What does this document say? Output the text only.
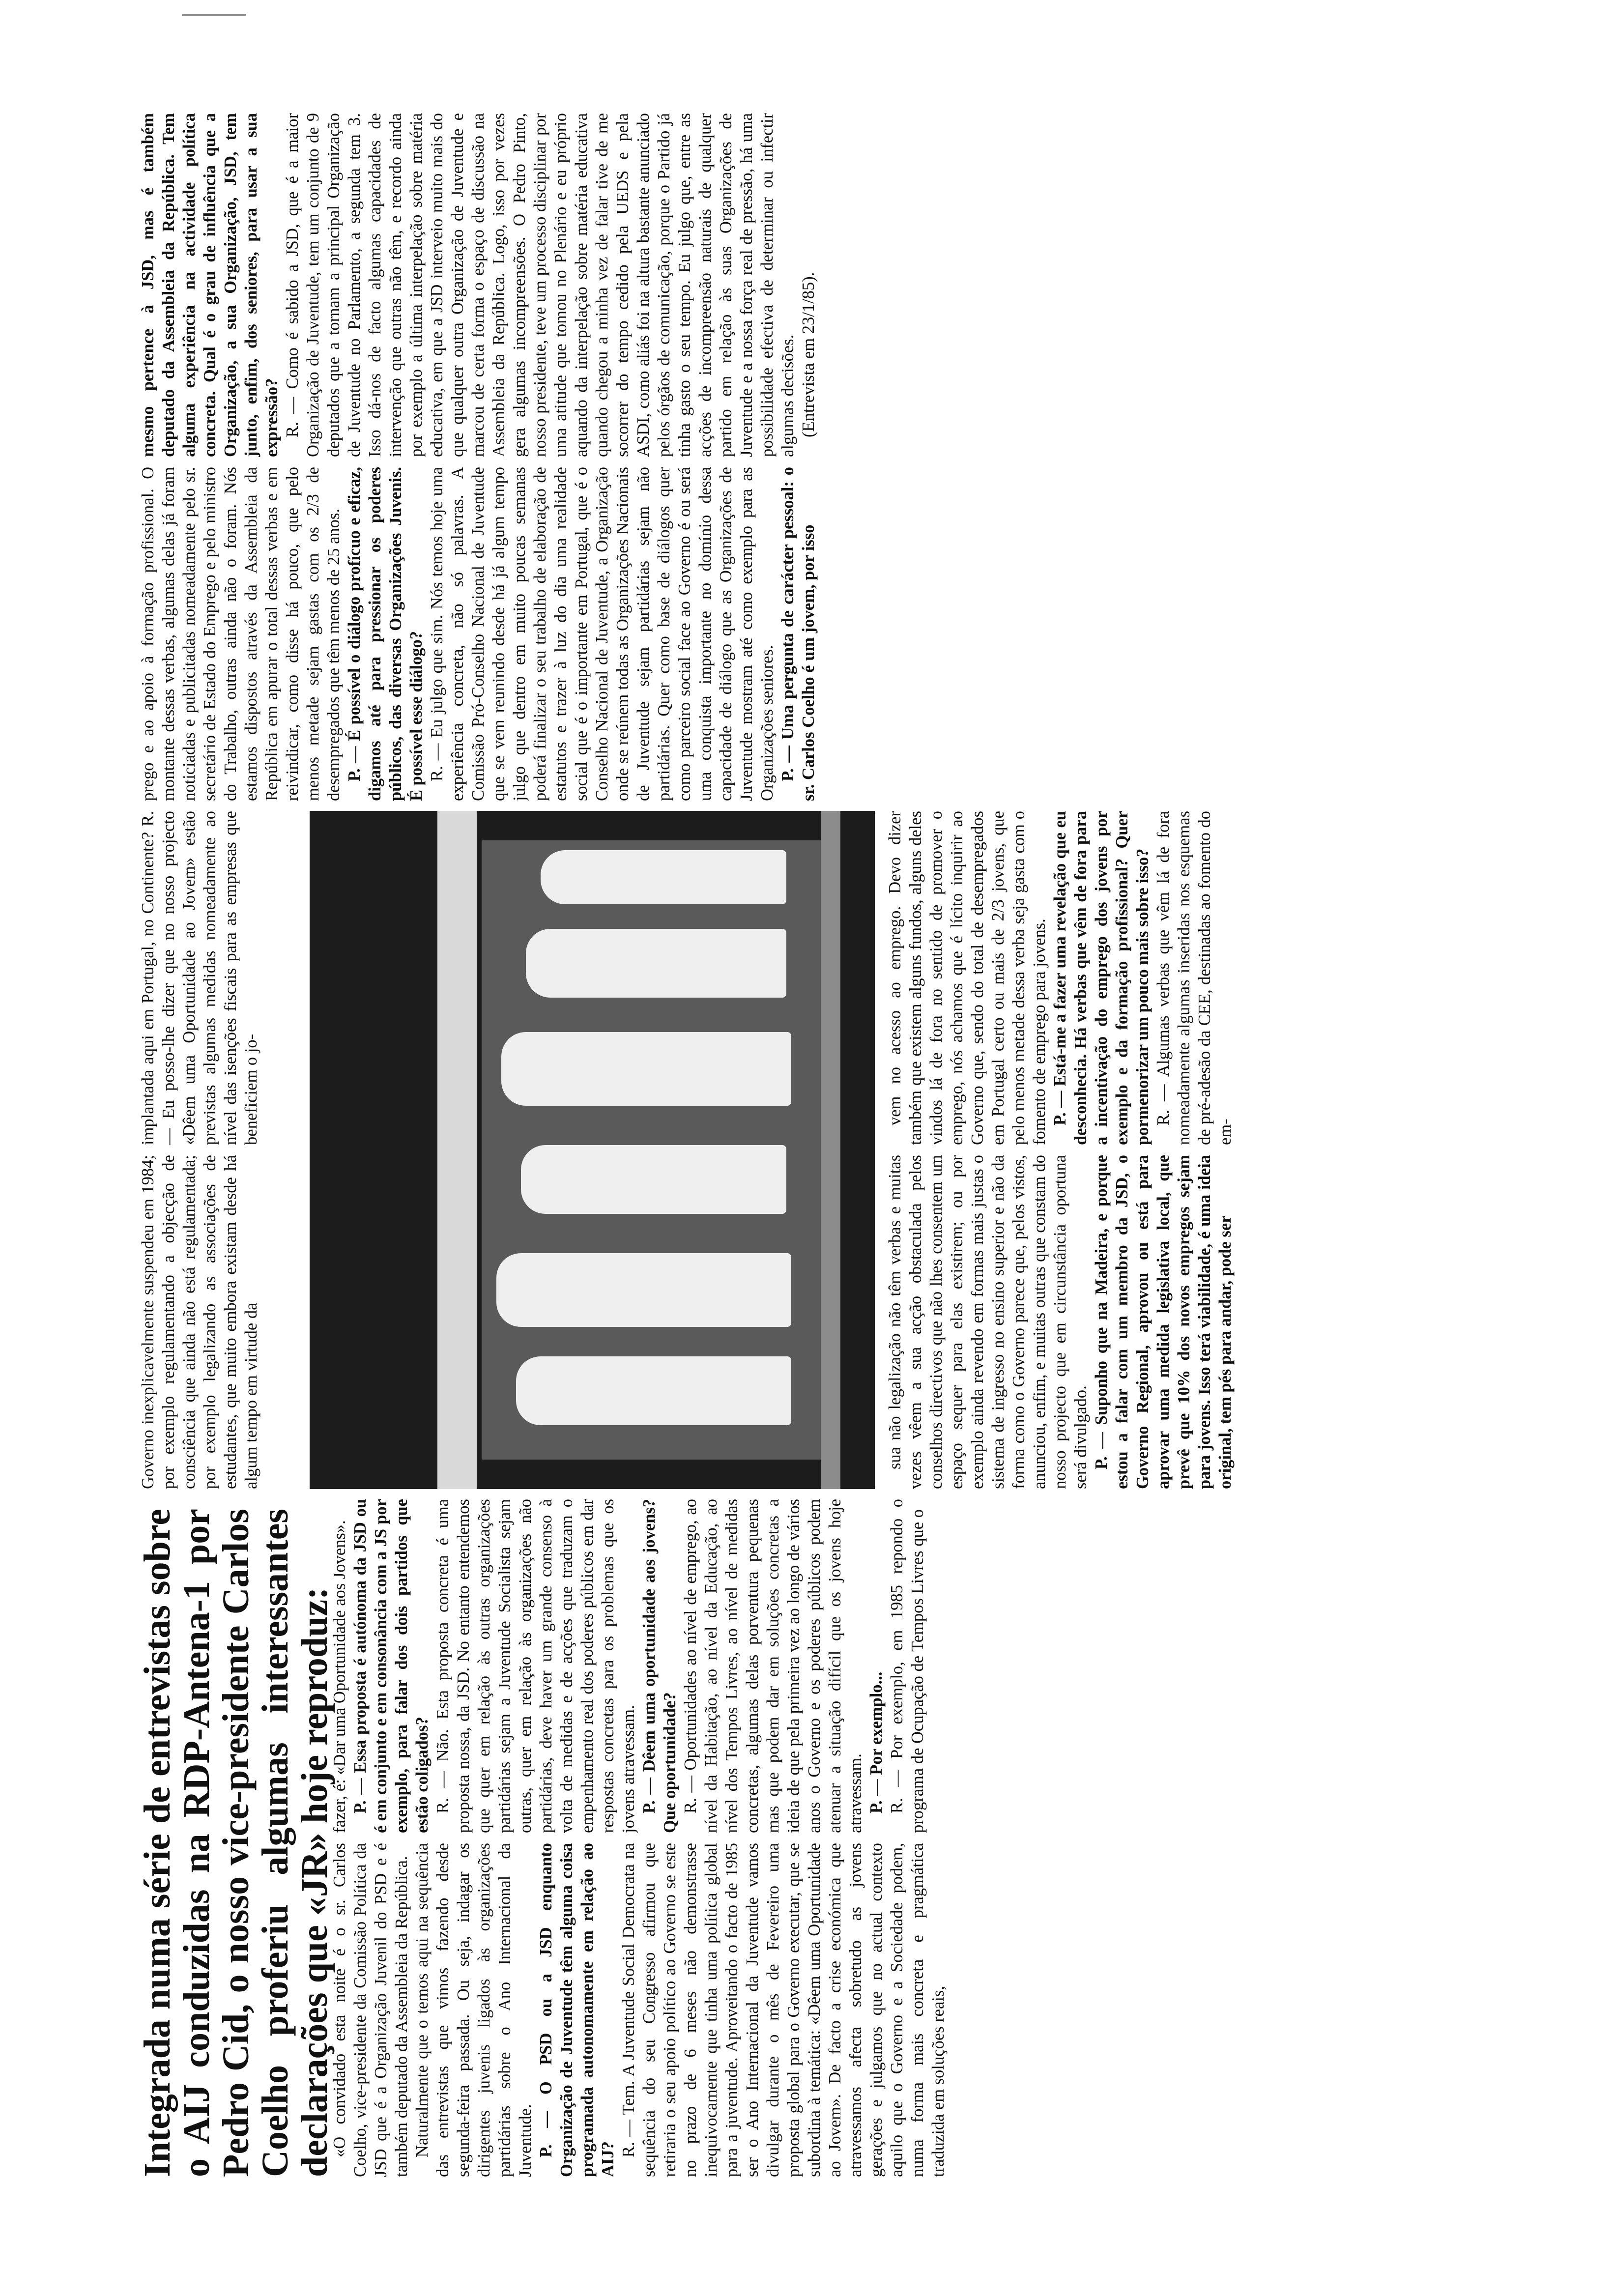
Integrada numa série de entrevistas sobre o AIJ conduzidas na RDP-Antena-1 por Pedro Cid, o nosso vice-presidente Carlos Coelho proferiu algumas interessantes declarações que «JR» hoje reproduz:

«O convidado esta noite é o sr. Carlos Coelho, vice-presidente da Comissão Política da JSD que é a Organização Juvenil do PSD e é também deputado da Assembleia da República. Naturalmente que o temos aqui na sequência das entrevistas que vimos fazendo desde segunda-feira passada. Ou seja, indagar os dirigentes juvenis ligados às organizações partidárias sobre o Ano Internacional da Juventude. P. — O PSD ou a JSD enquanto Organização de Juventude têm alguma coisa programada autonomamente em relação ao AIJ?

R. — Tem. A Juventude Social Democrata na sequência do seu Congresso afirmou que retiraria o seu apoio político ao Governo se este no prazo de 6 meses não demonstrasse inequivocamente que tinha uma política global para a juventude. Aproveitando o facto de 1985 ser o Ano Internacional da Juventude vamos divulgar durante o mês de Fevereiro uma proposta global para o Governo executar, que se subordina à temática: «Dêem uma Oportunidade ao Jovem». De facto a crise económica que atravessamos afecta sobretudo as jovens gerações e julgamos que no actual contexto aquilo que o Governo e a Sociedade podem, numa forma mais concreta e pragmática traduzida em soluções reais,

fazer, é: «Dar uma Oportunidade aos Jovens». P. — Essa proposta é autónoma da JSD ou é em conjunto e em consonância com a JS por exemplo, para falar dos dois partidos que estão coligados? R. — Não. Esta proposta concreta é uma proposta nossa, da JSD. No entanto entendemos que quer em relação às outras organizações partidárias sejam a Juventude Socialista sejam outras, quer em relação às organizações não partidárias, deve haver um grande consenso à volta de medidas e de acções que traduzam o empenhamento real dos poderes públicos em dar respostas concretas para os problemas que os jovens atravessam. P. — Dêem uma oportunidade aos jovens? Que oportunidade? R. — Oportunidades ao nível de emprego, ao nível da Habitação, ao nível da Educação, ao nível dos Tempos Livres, ao nível de medidas concretas, algumas delas porventura pequenas mas que podem dar em soluções concretas a ideia de que pela primeira vez ao longo de vários anos o Governo e os poderes públicos podem atenuar a situação difícil que os jovens hoje atravessam. P. — Por exemplo... R. — Por exemplo, em 1985 repondo o programa de Ocupação de Tempos Livres que o

Governo inexplicavelmente suspendeu em 1984; por exemplo regulamentando a objecção de consciência que ainda não está regulamentada; por exemplo legalizando as associações de estudantes, que muito embora existam desde há algum tempo em virtude da

implantada aqui em Portugal, no Continente? R. — Eu posso-lhe dizer que no nosso projecto «Dêem uma Oportunidade ao Jovem» estão previstas algumas medidas nomeadamente ao nível das isenções fiscais para as empresas que beneficiem o jo-

sua não legalização não têm verbas e muitas vezes vêem a sua acção obstaculada pelos conselhos directivos que não lhes consentem um espaço sequer para elas existirem; ou por exemplo ainda revendo em formas mais justas o sistema de ingresso no ensino superior e não da forma como o Governo parece que, pelos vistos, anunciou, enfim, e muitas outras que constam do nosso projecto que em circunstância oportuna será divulgado. P. — Suponho que na Madeira, e porque estou a falar com um membro da JSD, o Governo Regional, aprovou ou está para aprovar uma medida legislativa local, que prevê que 10% dos novos empregos sejam para jovens. Isso terá viabilidade, é uma ideia original, tem pés para andar, pode ser

vem no acesso ao emprego. Devo dizer também que existem alguns fundos, alguns deles vindos lá de fora no sentido de promover o emprego, nós achamos que é lícito inquirir ao Governo que, sendo do total de desempregados em Portugal certo ou mais de 2/3 jovens, que pelo menos metade dessa verba seja gasta com o fomento de emprego para jovens. P. — Está-me a fazer uma revelação que eu desconhecia. Há verbas que vêm de fora para a incentivação do emprego dos jovens por exemplo e da formação profissional? Quer pormenorizar um pouco mais sobre isso? R. — Algumas verbas que vêm lá de fora nomeadamente algumas inseridas nos esquemas de pré-adesão da CEE, destinadas ao fomento do em-

prego e ao apoio à formação profissional. O montante dessas verbas, algumas delas já foram noticiadas e publicitadas nomeadamente pelo sr. secretário de Estado do Emprego e pelo ministro do Trabalho, outras ainda não o foram. Nós estamos dispostos através da Assembleia da República em apurar o total dessas verbas e em reivindicar, como disse há pouco, que pelo menos metade sejam gastas com os 2/3 de desempregados que têm menos de 25 anos. P. — É possível o diálogo profícuo e eficaz, digamos até para pressionar os poderes públicos, das diversas Organizações Juvenis. É possível esse diálogo? R. — Eu julgo que sim. Nós temos hoje uma experiência concreta, não só palavras. A Comissão Pró-Conselho Nacional de Juventude que se vem reunindo desde há já algum tempo julgo que dentro em muito poucas semanas poderá finalizar o seu trabalho de elaboração de estatutos e trazer à luz do dia uma realidade social que é o importante em Portugal, que é o Conselho Nacional de Juventude, a Organização onde se reúnem todas as Organizações Nacionais de Juventude sejam partidárias sejam não partidárias. Quer como base de diálogos quer como parceiro social face ao Governo é ou será uma conquista importante no domínio dessa capacidade de diálogo que as Organizações de Juventude mostram até como exemplo para as Organizações seniores. P. — Uma pergunta de carácter pessoal: o sr. Carlos Coelho é um jovem, por isso

mesmo pertence à JSD, mas é também deputado da Assembleia da República. Tem alguma experiência na actividade política concreta. Qual é o grau de influência que a Organização, a sua Organização, JSD, tem junto, enfim, dos seniores, para usar a sua expressão? R. — Como é sabido a JSD, que é a maior Organização de Juventude, tem um conjunto de 9 deputados que a tornam a principal Organização de Juventude no Parlamento, a segunda tem 3. Isso dá-nos de facto algumas capacidades de intervenção que outras não têm, e recordo ainda por exemplo a última interpelação sobre matéria educativa, em que a JSD interveio muito mais do que qualquer outra Organização de Juventude e marcou de certa forma o espaço de discussão na Assembleia da República. Logo, isso por vezes gera algumas incompreensões. O Pedro Pinto, nosso presidente, teve um processo disciplinar por uma atitude que tomou no Plenário e eu próprio aquando da interpelação sobre matéria educativa quando chegou a minha vez de falar tive de me socorrer do tempo cedido pela UEDS e pela ASDI, como aliás foi na altura bastante anunciado pelos órgãos de comunicação, porque o Partido já tinha gasto o seu tempo. Eu julgo que, entre as acções de incompreensão naturais de qualquer partido em relação às suas Organizações de Juventude e a nossa força real de pressão, há uma possibilidade efectiva de determinar ou infectir algumas decisões. (Entrevista em 23/1/85).
